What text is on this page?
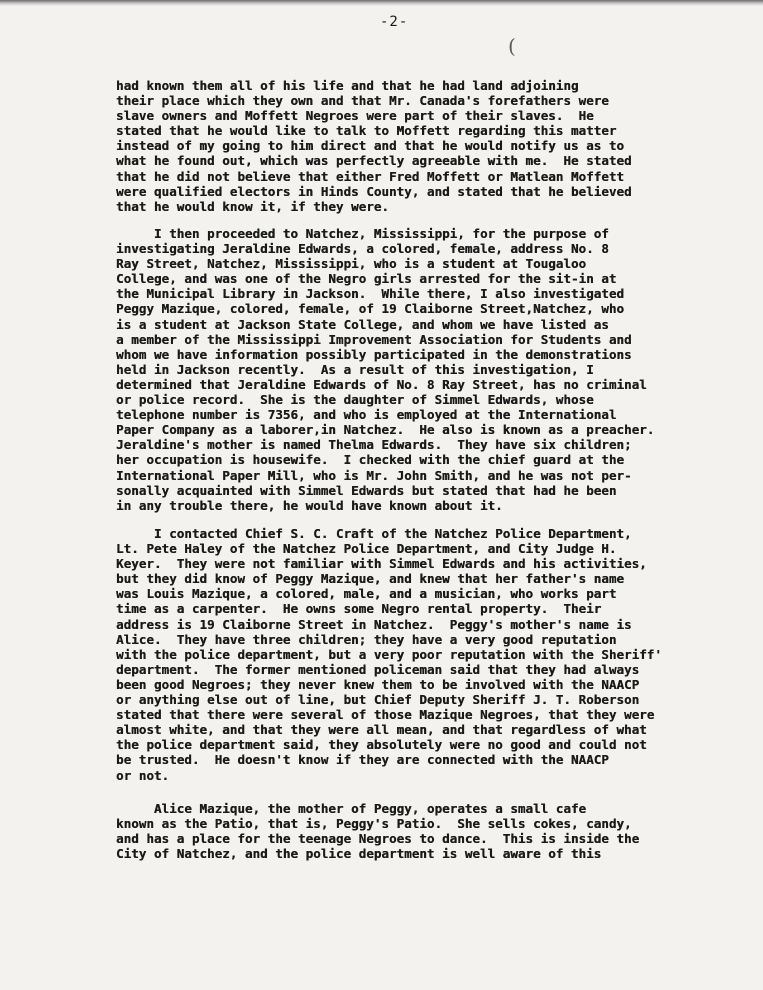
-2-
(
had known them all of his life and that he had land adjoining
their place which they own and that Mr. Canada's forefathers were
slave owners and Moffett Negroes were part of their slaves.  He
stated that he would like to talk to Moffett regarding this matter
instead of my going to him direct and that he would notify us as to
what he found out, which was perfectly agreeable with me.  He stated
that he did not believe that either Fred Moffett or Matlean Moffett
were qualified electors in Hinds County, and stated that he believed
that he would know it, if they were.
I then proceeded to Natchez, Mississippi, for the purpose of
investigating Jeraldine Edwards, a colored, female, address No. 8
Ray Street, Natchez, Mississippi, who is a student at Tougaloo
College, and was one of the Negro girls arrested for the sit-in at
the Municipal Library in Jackson.  While there, I also investigated
Peggy Mazique, colored, female, of 19 Claiborne Street,Natchez, who
is a student at Jackson State College, and whom we have listed as
a member of the Mississippi Improvement Association for Students and
whom we have information possibly participated in the demonstrations
held in Jackson recently.  As a result of this investigation, I
determined that Jeraldine Edwards of No. 8 Ray Street, has no criminal
or police record.  She is the daughter of Simmel Edwards, whose
telephone number is 7356, and who is employed at the International
Paper Company as a laborer,in Natchez.  He also is known as a preacher.
Jeraldine's mother is named Thelma Edwards.  They have six children;
her occupation is housewife.  I checked with the chief guard at the
International Paper Mill, who is Mr. John Smith, and he was not per-
sonally acquainted with Simmel Edwards but stated that had he been
in any trouble there, he would have known about it.
I contacted Chief S. C. Craft of the Natchez Police Department,
Lt. Pete Haley of the Natchez Police Department, and City Judge H.
Keyer.  They were not familiar with Simmel Edwards and his activities,
but they did know of Peggy Mazique, and knew that her father's name
was Louis Mazique, a colored, male, and a musician, who works part
time as a carpenter.  He owns some Negro rental property.  Their
address is 19 Claiborne Street in Natchez.  Peggy's mother's name is
Alice.  They have three children; they have a very good reputation
with the police department, but a very poor reputation with the Sheriff'
department.  The former mentioned policeman said that they had always
been good Negroes; they never knew them to be involved with the NAACP
or anything else out of line, but Chief Deputy Sheriff J. T. Roberson
stated that there were several of those Mazique Negroes, that they were
almost white, and that they were all mean, and that regardless of what
the police department said, they absolutely were no good and could not
be trusted.  He doesn't know if they are connected with the NAACP
or not.
Alice Mazique, the mother of Peggy, operates a small cafe
known as the Patio, that is, Peggy's Patio.  She sells cokes, candy,
and has a place for the teenage Negroes to dance.  This is inside the
City of Natchez, and the police department is well aware of this
